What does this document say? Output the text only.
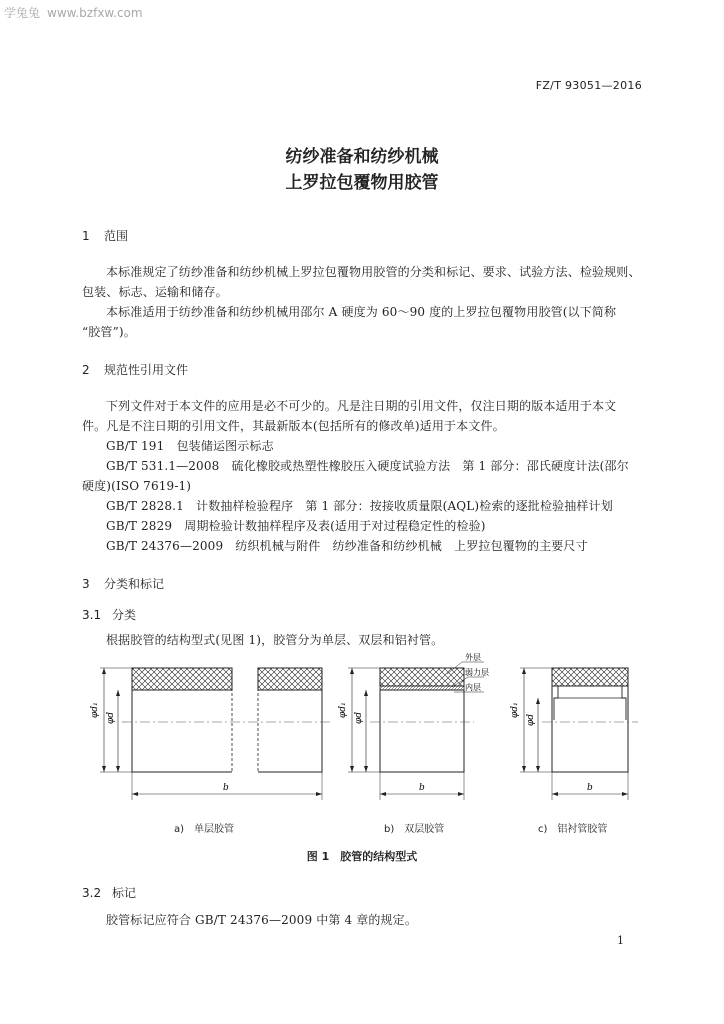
学兔兔 www.bzfxw.com
FZ/T 93051—2016
纺纱准备和纺纱机械
上罗拉包覆物用胶管
1 范围
本标准规定了纺纱准备和纺纱机械上罗拉包覆物用胶管的分类和标记、要求、试验方法、检验规则、
包装、标志、运输和储存。
本标准适用于纺纱准备和纺纱机械用邵尔 A 硬度为 60～90 度的上罗拉包覆物用胶管(以下简称
“胶管”)。
2 规范性引用文件
下列文件对于本文件的应用是必不可少的。凡是注日期的引用文件，仅注日期的版本适用于本文
件。凡是不注日期的引用文件，其最新版本(包括所有的修改单)适用于本文件。
GB/T 191　包装储运图示标志
GB/T 531.1—2008　硫化橡胶或热塑性橡胶压入硬度试验方法　第 1 部分：邵氏硬度计法(邵尔
硬度)(ISO 7619-1)
GB/T 2828.1　计数抽样检验程序　第 1 部分：按接收质量限(AQL)检索的逐批检验抽样计划
GB/T 2829　周期检验计数抽样程序及表(适用于对过程稳定性的检验)
GB/T 24376—2009　纺织机械与附件　纺纱准备和纺纱机械　上罗拉包覆物的主要尺寸
3 分类和标记
3.1 分类
根据胶管的结构型式(见图 1)，胶管分为单层、双层和铝衬管。
φd₁ φd
b
外层
弱力层
内层
φd₁ φd
b
φd₁
φd
b
a)　单层胶管	b)　双层胶管	c)　铝衬管胶管
图 1　胶管的结构型式
3.2 标记
胶管标记应符合 GB/T 24376—2009 中第 4 章的规定。
1
